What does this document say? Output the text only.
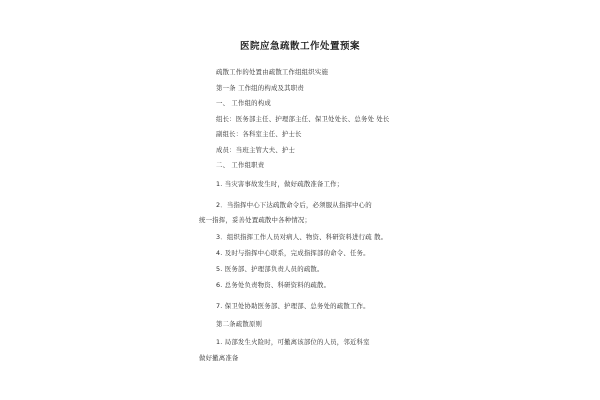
医院应急疏散工作处置预案
疏散工作的处置由疏散工作组组织实施
第一条 工作组的构成及其职责
一、 工作组的构成
组长：医务部主任、护理部主任、保卫处处长、总务处 处长
副组长：各科室主任、护士长
成员：当班主管大夫、护士
二、 工作组职责
1. 当灾害事故发生时，做好疏散准备工作；
2．当指挥中心下达疏散命令后，必须服从指挥中心的
统一指挥，妥善处置疏散中各种情况；
3．组织指挥工作人员对病人、物资、科研资料进行疏 散。
4. 及时与指挥中心联系，完成指挥部的命令、任务。
5. 医务部、护理部负责人员的疏散。
6. 总务处负责物资、科研资料的疏散。
7. 保卫处协助医务部、护理部、总务处的疏散工作。
第二条疏散原则
1. 局部发生火险时，可撤离该部位的人员，邻近科室
做好撤离准备
